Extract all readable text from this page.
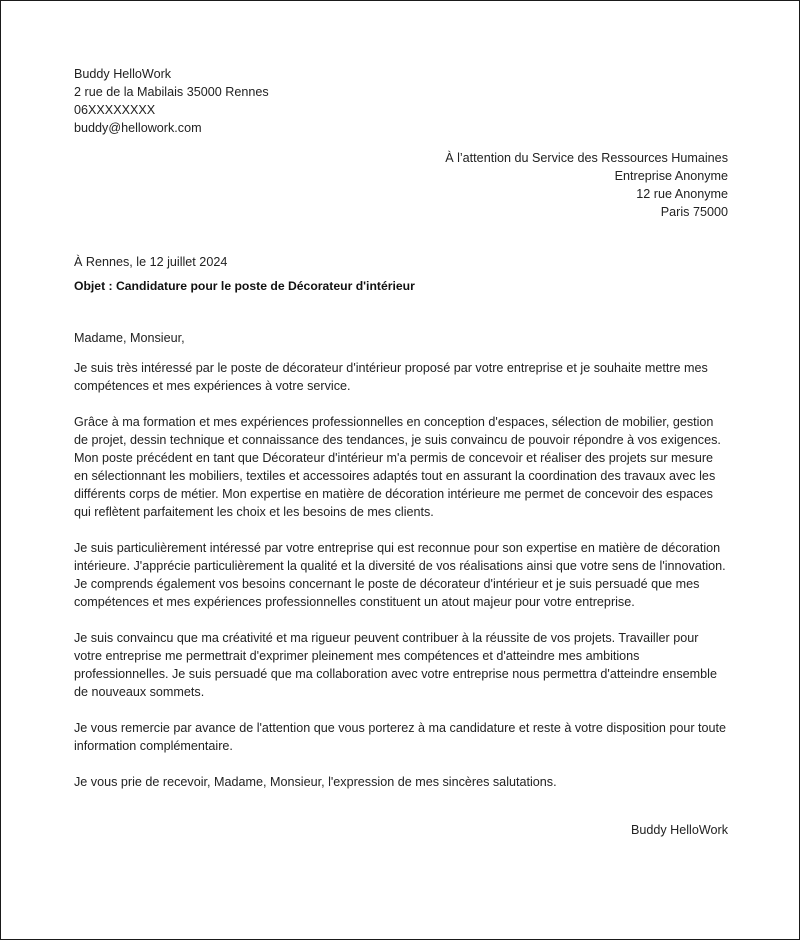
Buddy HelloWork
2 rue de la Mabilais 35000 Rennes
06XXXXXXXX
buddy@hellowork.com
À l’attention du Service des Ressources Humaines
Entreprise Anonyme
12 rue Anonyme
Paris 75000
À Rennes, le 12 juillet 2024
Objet : Candidature pour le poste de Décorateur d'intérieur
Madame, Monsieur,

Je suis très intéressé par le poste de décorateur d'intérieur proposé par votre entreprise et je souhaite mettre mes compétences et mes expériences à votre service.

Grâce à ma formation et mes expériences professionnelles en conception d'espaces, sélection de mobilier, gestion de projet, dessin technique et connaissance des tendances, je suis convaincu de pouvoir répondre à vos exigences. Mon poste précédent en tant que Décorateur d'intérieur m'a permis de concevoir et réaliser des projets sur mesure en sélectionnant les mobiliers, textiles et accessoires adaptés tout en assurant la coordination des travaux avec les différents corps de métier. Mon expertise en matière de décoration intérieure me permet de concevoir des espaces qui reflètent parfaitement les choix et les besoins de mes clients.

Je suis particulièrement intéressé par votre entreprise qui est reconnue pour son expertise en matière de décoration intérieure. J'apprécie particulièrement la qualité et la diversité de vos réalisations ainsi que votre sens de l'innovation. Je comprends également vos besoins concernant le poste de décorateur d'intérieur et je suis persuadé que mes compétences et mes expériences professionnelles constituent un atout majeur pour votre entreprise.

Je suis convaincu que ma créativité et ma rigueur peuvent contribuer à la réussite de vos projets. Travailler pour votre entreprise me permettrait d'exprimer pleinement mes compétences et d'atteindre mes ambitions professionnelles. Je suis persuadé que ma collaboration avec votre entreprise nous permettra d'atteindre ensemble de nouveaux sommets.

Je vous remercie par avance de l'attention que vous porterez à ma candidature et reste à votre disposition pour toute information complémentaire.

Je vous prie de recevoir, Madame, Monsieur, l'expression de mes sincères salutations.

Buddy HelloWork
